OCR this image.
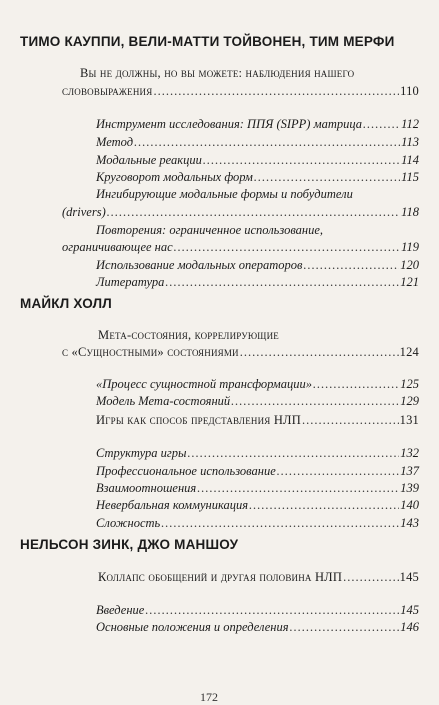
ТИМО КАУППИ, ВЕЛИ-МАТТИ ТОЙВОНЕН, ТИМ МЕРФИ
Вы не должны, но вы можете: наблюдения нашего
слововыражения .....	110
Инструмент исследования: ППЯ (SIPP) матрица .....	112
Метод .....	113
Модальные реакции .....	114
Круговорот модальных форм .....	115
Ингибирующие модальные формы и побудители
(drivers) .....	118
Повторения: ограниченное использование,
ограничивающее нас .....	119
Использование модальных операторов .....	120
Литература .....	121
МАЙКЛ ХОЛЛ
Мета-состояния, коррелирующие
с «Сущностными» состояниями .....	124
«Процесс сущностной трансформации» .....	125
Модель Мета-состояний .....	129
Игры как способ представления НЛП .....	131
Структура игры .....	132
Профессиональное использование .....	137
Взаимоотношения .....	139
Невербальная коммуникация .....	140
Сложность .....	143
НЕЛЬСОН ЗИНК, ДЖО МАНШОУ
Коллапс обобщений и другая половина НЛП .....	145
Введение .....	145
Основные положения и определения .....	146
172
